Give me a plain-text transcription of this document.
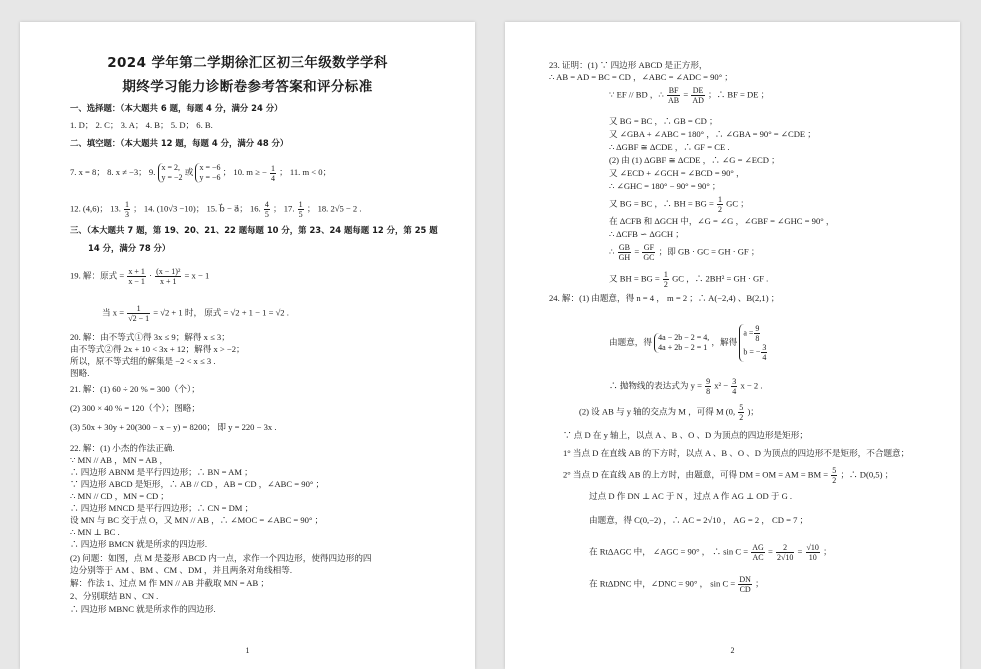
2024 学年第二学期徐汇区初三年级数学学科
期终学习能力诊断卷参考答案和评分标准
一、选择题：（本大题共 6 题，每题 4 分，满分 24 分）
1. D； 2. C； 3. A； 4. B； 5. D； 6. B.
二、填空题：（本大题共 12 题，每题 4 分，满分 48 分）
7. x = 8； 8. x ≠ −3； 9. x = 2,
y = −2 或 x = −6
y = −6 ； 10. m ≥ − $\frac{1}{4}$ ； 11. m < 0；
12. (4,6)； 13. $\frac{1}{3}$ ； 14. (10√3 −10)； 15. b⃗ − a⃗； 16. $\frac{4}{5}$ ； 17. $\frac{1}{5}$ ； 18. 2√5 − 2 .
三、（本大题共 7 题，第 19、20、21、22 题每题 10 分，第 23、24 题每题 12 分，第 25 题
14 分，满分 78 分）
19. 解：原式 = $\frac{x + 1}{x - 1} \cdot \frac{\text{(x − 1)²}}{x + 1} = x - 1$
当 $x = \frac{1}{√2 - 1} = √2 + 1$ 时， 原式 = √2 + 1 − 1 = √2 .
20. 解：由不等式①得 3x ≤ 9；解得 x ≤ 3；
由不等式②得 2x + 10 < 3x + 12；解得 x > −2；
所以，原不等式组的解集是 −2 < x ≤ 3 .
图略.
21. 解：(1) 60 ÷ 20 % = 300（个）；
(2) 300 × 40 % = 120（个）；图略；
(3) 50x + 30y + 20(300 − x − y) = 8200； 即 y = 220 − 3x .
22. 解：(1) 小杰的作法正确.
∵ MN // AB ，MN = AB ，
∴ 四边形 ABNM 是平行四边形；∴ BN = AM ；
∵ 四边形 ABCD 是矩形，∴ AB // CD ，AB = CD ，∠ABC = 90° ；
∴ MN // CD ，MN = CD ；
∴ 四边形 MNCD 是平行四边形；∴ CN = DM ；
设 MN 与 BC 交于点 O，又 MN // AB ，∴ ∠MOC = ∠ABC = 90° ；
∴ MN ⊥ BC .
∴ 四边形 BMCN 就是所求的四边形.
(2) 问题：如图，点 M 是菱形 ABCD 内一点，求作一个四边形，使得四边形的四
边分别等于 AM 、BM 、CM 、DM ，并且两条对角线相等.
解：作法 1、过点 M 作 MN // AB 并截取 MN = AB ；
2、分别联结 BN 、CN .
∴ 四边形 MBNC 就是所求作的四边形.
1
23. 证明：(1) ∵ 四边形 ABCD 是正方形，
∴ AB = AD = BC = CD ，∠ABC = ∠ADC = 90° ；
∵ EF // BD ，∴ $\frac{BF}{AB} = \frac{DE}{AD}$ ；∴ BF = DE ；
又 BG = BC ，∴ GB = CD ；
又 ∠GBA + ∠ABC = 180° ，∴ ∠GBA = 90° = ∠CDE ；
∴ ΔGBF ≅ ΔCDE ，∴ GF = CE .
(2) 由 (1) ΔGBF ≅ ΔCDE ，∴ ∠G = ∠ECD ；
又 ∠ECD + ∠GCH = ∠BCD = 90° ，
∴ ∠GHC = 180° − 90° = 90° ；
又 BG = BC ，∴ BH = BG = $\frac{1}{2}$ GC ；
在 ΔCFB 和 ΔGCH 中，∠G = ∠G ，∠GBF = ∠GHC = 90° ，
∴ ΔCFB ∽ ΔGCH ；
∴ $\frac{GB}{GH} = \frac{GF}{GC}$ ；即 GB · GC = GH · GF ；
又 BH = BG = $\frac{1}{2}$ GC ，∴ 2BH² = GH · GF .
24. 解：(1) 由题意，得 n = 4 ， m = 2 ；∴ A(−2,4) 、B(2,1) ；
由题意，得 4a − 2b − 2 = 4,
4a + 2b − 2 = 1 ，解得 $a = \frac{9}{8}$

b = − $\frac{3}{4}$
∴ 抛物线的表达式为 $y = \frac{9}{8} x^2 - \frac{3}{4}$ x − 2 .
(2) 设 AB 与 y 轴的交点为 M ，可得 M (0, $\frac{5}{2}$ )；
∵ 点 D 在 y 轴上，以点 A 、B 、O 、D 为顶点的四边形是矩形；
1° 当点 D 在直线 AB 的下方时，以点 A 、B 、O 、D 为顶点的四边形不是矩形，不合题意；
2° 当点 D 在直线 AB 的上方时，由题意，可得 DM = OM = AM = BM = $\frac{5}{2}$ ；∴ D(0,5) ；
过点 D 作 DN ⊥ AC 于 N ，过点 A 作 AG ⊥ OD 于 G .
由题意，得 C(0,−2) ，∴ AC = 2√10 ， AG = 2 ， CD = 7 ；
在 RtΔAGC 中， ∠AGC = 90° ， ∴ $\sin C = \frac{AG}{AC} = \frac{2}{2√10} = \frac{√10}{10}$ ；
在 RtΔDNC 中，∠DNC = 90° ， $\sin C = \frac{DN}{CD}$ ；
2
